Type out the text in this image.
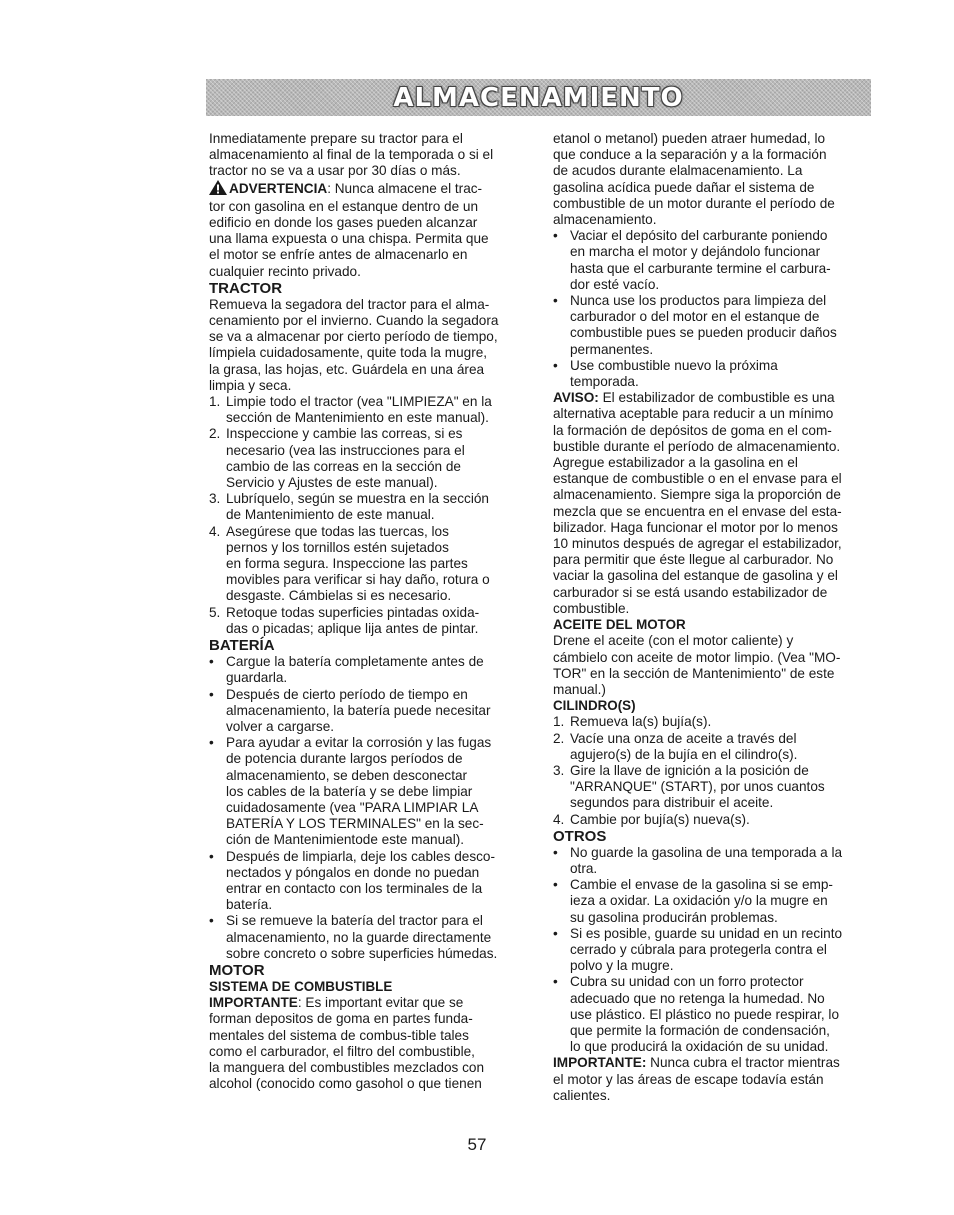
ALMACENAMIENTO
Inmediatamente prepare su tractor para el
almacenamiento al final de la temporada o si el
tractor no se va a usar por 30 días o más.
ADVERTENCIA: Nunca almacene el trac-
tor con gasolina en el estanque dentro de un
edificio en donde los gases pueden alcanzar
una llama expuesta o una chispa. Permita que
el motor se enfríe antes de almacenarlo en
cualquier recinto privado.
TRACTOR
Remueva la segadora del tractor para el alma-
cenamiento por el invierno. Cuando la segadora
se va a almacenar por cierto período de tiempo,
límpiela cuidadosamente, quite toda la mugre,
la grasa, las hojas, etc. Guárdela en una área
limpia y seca.
1. Limpie todo el tractor (vea "LIMPIEZA" en la
sección de Mantenimiento en este manual).
2. Inspeccione y cambie las correas, si es
necesario (vea las instrucciones para el
cambio de las correas en la sección de
Servicio y Ajustes de este manual).
3. Lubríquelo, según se muestra en la sección
de Mantenimiento de este manual.
4. Asegúrese que todas las tuercas, los
pernos y los tornillos estén sujetados
en forma segura. Inspeccione las partes
movibles para verificar si hay daño, rotura o
desgaste. Cámbielas si es necesario.
5. Retoque todas superficies pintadas oxida-
das o picadas; aplique lija antes de pintar.
BATERÍA
• Cargue la batería completamente antes de
guardarla.
• Después de cierto período de tiempo en
almacenamiento, la batería puede necesitar
volver a cargarse.
• Para ayudar a evitar la corrosión y las fugas
de potencia durante largos períodos de
almacenamiento, se deben desconectar
los cables de la batería y se debe limpiar
cuidadosamente (vea "PARA LIMPIAR LA
BATERÍA Y LOS TERMINALES" en la sec-
ción de Mantenimientode este manual).
• Después de limpiarla, deje los cables desco-
nectados y póngalos en donde no puedan
entrar en contacto con los terminales de la
batería.
• Si se remueve la batería del tractor para el
almacenamiento, no la guarde directamente
sobre concreto o sobre superficies húmedas.
MOTOR
SISTEMA DE COMBUSTIBLE
IMPORTANTE: Es important evitar que se
forman depositos de goma en partes funda-
mentales del sistema de combus-tible tales
como el carburador, el filtro del combustible,
la manguera del combustibles mezclados con
alcohol (conocido como gasohol o que tienen
etanol o metanol) pueden atraer humedad, lo
que conduce a la separación y a la formación
de acudos durante elalmacenamiento. La
gasolina acídica puede dañar el sistema de
combustible de un motor durante el período de
almacenamiento.
• Vaciar el depósito del carburante poniendo
en marcha el motor y dejándolo funcionar
hasta que el carburante termine el carbura-
dor esté vacío.
• Nunca use los productos para limpieza del
carburador o del motor en el estanque de
combustible pues se pueden producir daños
permanentes.
• Use combustible nuevo la próxima
temporada.
AVISO: El estabilizador de combustible es una
alternativa aceptable para reducir a un mínimo
la formación de depósitos de goma en el com-
bustible durante el período de almacenamiento.
Agregue estabilizador a la gasolina en el
estanque de combustible o en el envase para el
almacenamiento. Siempre siga la proporción de
mezcla que se encuentra en el envase del esta-
bilizador. Haga funcionar el motor por lo menos
10 minutos después de agregar el estabilizador,
para permitir que éste llegue al carburador. No
vaciar la gasolina del estanque de gasolina y el
carburador si se está usando estabilizador de
combustible.
ACEITE DEL MOTOR
Drene el aceite (con el motor caliente) y
cámbielo con aceite de motor limpio. (Vea "MO-
TOR" en la sección de Mantenimiento" de este
manual.)
CILINDRO(S)
1. Remueva la(s) bujía(s).
2. Vacíe una onza de aceite a través del
agujero(s) de la bujía en el cilindro(s).
3. Gire la llave de ignición a la posición de
"ARRANQUE" (START), por unos cuantos
segundos para distribuir el aceite.
4. Cambie por bujía(s) nueva(s).
OTROS
• No guarde la gasolina de una temporada a la
otra.
• Cambie el envase de la gasolina si se emp-
ieza a oxidar. La oxidación y/o la mugre en
su gasolina producirán problemas.
• Si es posible, guarde su unidad en un recinto
cerrado y cúbrala para protegerla contra el
polvo y la mugre.
• Cubra su unidad con un forro protector
adecuado que no retenga la humedad. No
use plástico. El plástico no puede respirar, lo
que permite la formación de condensación,
lo que producirá la oxidación de su unidad.
IMPORTANTE: Nunca cubra el tractor mientras
el motor y las áreas de escape todavía están
calientes.
57
